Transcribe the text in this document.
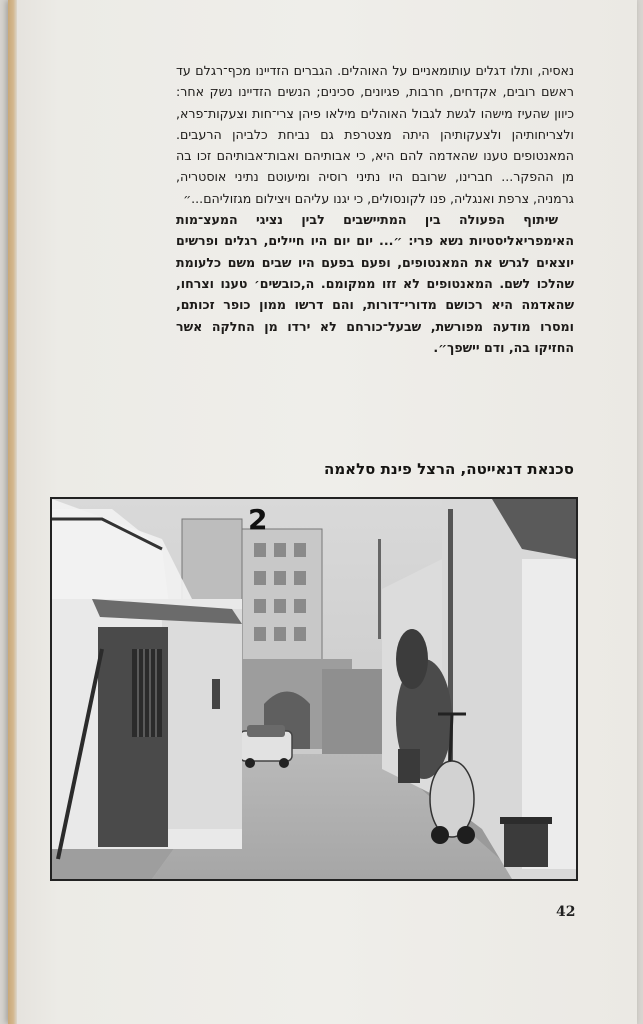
נאסיה, ותלו דגלים עותומאניים על האוהלים. הגברים הזדיינו מכף־רגלם עד ראשם רובים, אקדחים, חרבות, פגיונים, סכינים; הנשים הזדיינו נשק אחר: כיוון שהעיז מישהו לגשת לגבול האוהלים מילאו פיהן צרי־חות וצעקות־פרא, ולצריחותיהן ולצעקותיהן היתה מצטרפת גם נביחת כלביהן הרעבים. המאנטופים טענו שהאדמה להם היא, כי אבותיהם ואבות־אבותיהם זכו בה מן ההפקר... חברינו, שרובם היו נתיני רוסיה ומיעוטם נתיני אוסטריה, גרמניה, צרפת ואנגליה, פנו לקונסולים, כי יגנו עליהם ויצילום מגזוליהם...״

שיתוף הפעולה בין המתיישבים לבין נציגי המעצ־מות האימפריאליסטיות נשא פרי: ״... יום יום היו חיילים, רגלים ופרשים יוצאים לגרש את המאנטופים, ופעם בפעם היו שבים משם כלעומת שהלכו לשם. המאנטופים לא זזו ממקומם. ה,כובשים׳ טענו וצרחו, שהאדמה היא רכושם מדורי־דורות, והם דרשו ממון כופר זכותם, ומסרו מודעה מפורשת, שבעל־כורחם לא ירדו מן החלקה אשר החזיקו בה, ודם יישפך״.

סכנאת דנאייטה, הרצל פינת סלאמה
2
42
